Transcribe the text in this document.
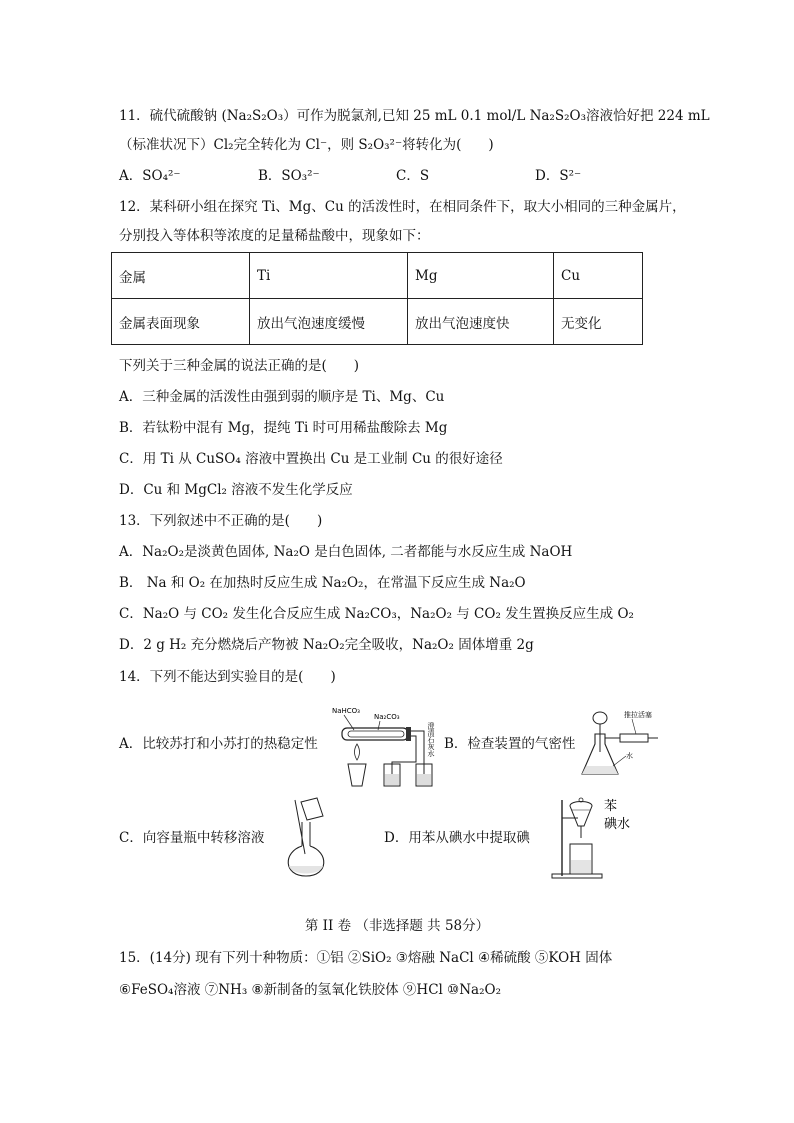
11．硫代硫酸钠 (Na₂S₂O₃）可作为脱氯剂,已知 25 mL 0.1 mol/L Na₂S₂O₃溶液恰好把 224 mL
（标准状况下）Cl₂完全转化为 Cl⁻，则 S₂O₃²⁻将转化为(　　)
A．SO₄²⁻	B．SO₃²⁻	C．S	D．S²⁻
12．某科研小组在探究 Ti、Mg、Cu 的活泼性时，在相同条件下，取大小相同的三种金属片，
分别投入等体积等浓度的足量稀盐酸中，现象如下：
金属	Ti	Mg	Cu
金属表面现象	放出气泡速度缓慢	放出气泡速度快	无变化
下列关于三种金属的说法正确的是(　　)
A．三种金属的活泼性由强到弱的顺序是 Ti、Mg、Cu
B．若钛粉中混有 Mg，提纯 Ti 时可用稀盐酸除去 Mg
C．用 Ti 从 CuSO₄ 溶液中置换出 Cu 是工业制 Cu 的很好途径
D．Cu 和 MgCl₂ 溶液不发生化学反应
13．下列叙述中不正确的是(　　)
A．Na₂O₂是淡黄色固体, Na₂O 是白色固体, 二者都能与水反应生成 NaOH
B． Na 和 O₂ 在加热时反应生成 Na₂O₂，在常温下反应生成 Na₂O
C．Na₂O 与 CO₂ 发生化合反应生成 Na₂CO₃，Na₂O₂ 与 CO₂ 发生置换反应生成 O₂
D．2 g H₂ 充分燃烧后产物被 Na₂O₂完全吸收，Na₂O₂ 固体增重 2g
14．下列不能达到实验目的是(　　)
A．比较苏打和小苏打的热稳定性
NaHCO₃
Na₂CO₃
澄清石灰水 B．检查装置的气密性
推拉活塞
水
C．向容量瓶中转移溶液	D．用苯从碘水中提取碘
苯
碘水
第 II 卷 （非选择题 共 58分）
15．(14分) 现有下列十种物质：①铝 ②SiO₂ ③熔融 NaCl ④稀硫酸 ⑤KOH 固体
⑥FeSO₄溶液 ⑦NH₃ ⑧新制备的氢氧化铁胶体 ⑨HCl ⑩Na₂O₂
